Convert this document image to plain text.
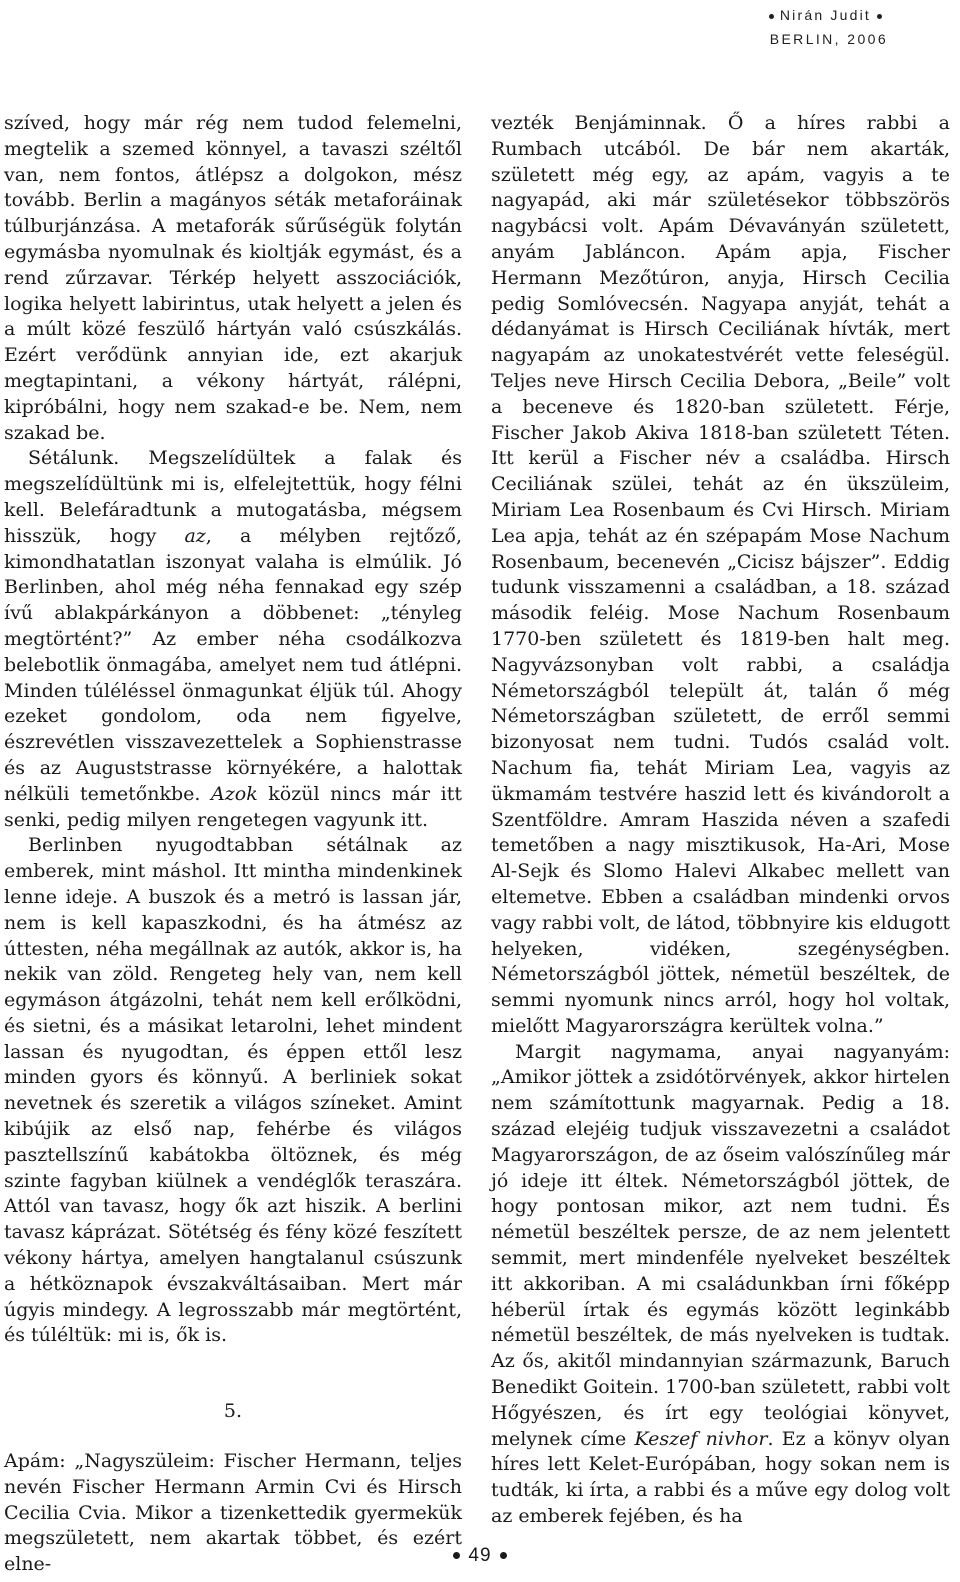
Nirán Judit
BERLIN, 2006

szíved, hogy már rég nem tudod felemelni, megtelik a szemed könnyel, a tavaszi széltől van, nem fontos, átlépsz a dolgokon, mész tovább. Berlin a magányos séták metaforáinak túlburjánzása. A metaforák sűrűségük folytán egymásba nyomulnak és kioltják egymást, és a rend zűrzavar. Térkép helyett asszociációk, logika helyett labirintus, utak helyett a jelen és a múlt közé feszülő hártyán való csúszkálás. Ezért verődünk annyian ide, ezt akarjuk megtapintani, a vékony hártyát, rálépni, kipróbálni, hogy nem szakad-e be. Nem, nem szakad be.

Sétálunk. Megszelídültek a falak és megszelídültünk mi is, elfelejtettük, hogy félni kell. Belefáradtunk a mutogatásba, mégsem hisszük, hogy az, a mélyben rejtőző, kimondhatatlan iszonyat valaha is elmúlik. Jó Berlinben, ahol még néha fennakad egy szép ívű ablakpárkányon a döbbenet: „tényleg megtörtént?” Az ember néha csodálkozva belebotlik önmagába, amelyet nem tud átlépni. Minden túléléssel önmagunkat éljük túl. Ahogy ezeket gondolom, oda nem figyelve, észrevétlen visszavezettelek a Sophienstrasse és az Auguststrasse környékére, a halottak nélküli temetőnkbe. Azok közül nincs már itt senki, pedig milyen rengetegen vagyunk itt.

Berlinben nyugodtabban sétálnak az emberek, mint máshol. Itt mintha mindenkinek lenne ideje. A buszok és a metró is lassan jár, nem is kell kapaszkodni, és ha átmész az úttesten, néha megállnak az autók, akkor is, ha nekik van zöld. Rengeteg hely van, nem kell egymáson átgázolni, tehát nem kell erőlködni, és sietni, és a másikat letarolni, lehet mindent lassan és nyugodtan, és éppen ettől lesz minden gyors és könnyű. A berliniek sokat nevetnek és szeretik a világos színeket. Amint kibújik az első nap, fehérbe és világos pasztellszínű kabátokba öltöznek, és még szinte fagyban kiülnek a vendéglők teraszára. Attól van tavasz, hogy ők azt hiszik. A berlini tavasz káprázat. Sötétség és fény közé feszített vékony hártya, amelyen hangtalanul csúszunk a hétköznapok évszakváltásaiban. Mert már úgyis mindegy. A legrosszabb már megtörtént, és túléltük: mi is, ők is.

5.

Apám: „Nagyszüleim: Fischer Hermann, teljes nevén Fischer Hermann Armin Cvi és Hirsch Cecilia Cvia. Mikor a tizenkettedik gyermekük megszületett, nem akartak többet, és ezért elne-

vezték Benjáminnak. Ő a híres rabbi a Rumbach utcából. De bár nem akarták, született még egy, az apám, vagyis a te nagyapád, aki már születésekor többszörös nagybácsi volt. Apám Dévaványán született, anyám Jabláncon. Apám apja, Fischer Hermann Mezőtúron, anyja, Hirsch Cecilia pedig Somlóvecsén. Nagyapa anyját, tehát a dédanyámat is Hirsch Ceciliának hívták, mert nagyapám az unokatestvérét vette feleségül. Teljes neve Hirsch Cecilia Debora, „Beile” volt a beceneve és 1820-ban született. Férje, Fischer Jakob Akiva 1818-ban született Téten. Itt kerül a Fischer név a családba. Hirsch Ceciliának szülei, tehát az én ükszüleim, Miriam Lea Rosenbaum és Cvi Hirsch. Miriam Lea apja, tehát az én szépapám Mose Nachum Rosenbaum, becenevén „Cicisz bájszer”. Eddig tudunk visszamenni a családban, a 18. század második feléig. Mose Nachum Rosenbaum 1770-ben született és 1819-ben halt meg. Nagyvázsonyban volt rabbi, a családja Németországból települt át, talán ő még Németországban született, de erről semmi bizonyosat nem tudni. Tudós család volt. Nachum fia, tehát Miriam Lea, vagyis az ükmamám testvére haszid lett és kivándorolt a Szentföldre. Amram Haszida néven a szafedi temetőben a nagy misztikusok, Ha-Ari, Mose Al-Sejk és Slomo Halevi Alkabec mellett van eltemetve. Ebben a családban mindenki orvos vagy rabbi volt, de látod, többnyire kis eldugott helyeken, vidéken, szegénységben. Németországból jöttek, németül beszéltek, de semmi nyomunk nincs arról, hogy hol voltak, mielőtt Magyarországra kerültek volna.”

Margit nagymama, anyai nagyanyám: „Amikor jöttek a zsidótörvények, akkor hirtelen nem számítottunk magyarnak. Pedig a 18. század elejéig tudjuk visszavezetni a családot Magyarországon, de az őseim valószínűleg már jó ideje itt éltek. Németországból jöttek, de hogy pontosan mikor, azt nem tudni. És németül beszéltek persze, de az nem jelentett semmit, mert mindenféle nyelveket beszéltek itt akkoriban. A mi családunkban írni főképp héberül írtak és egymás között leginkább németül beszéltek, de más nyelveken is tudtak. Az ős, akitől mindannyian származunk, Baruch Benedikt Goitein. 1700-ban született, rabbi volt Hőgyészen, és írt egy teológiai könyvet, melynek címe Keszef nivhor. Ez a könyv olyan híres lett Kelet-Európában, hogy sokan nem is tudták, ki írta, a rabbi és a műve egy dolog volt az emberek fejében, és ha

49
